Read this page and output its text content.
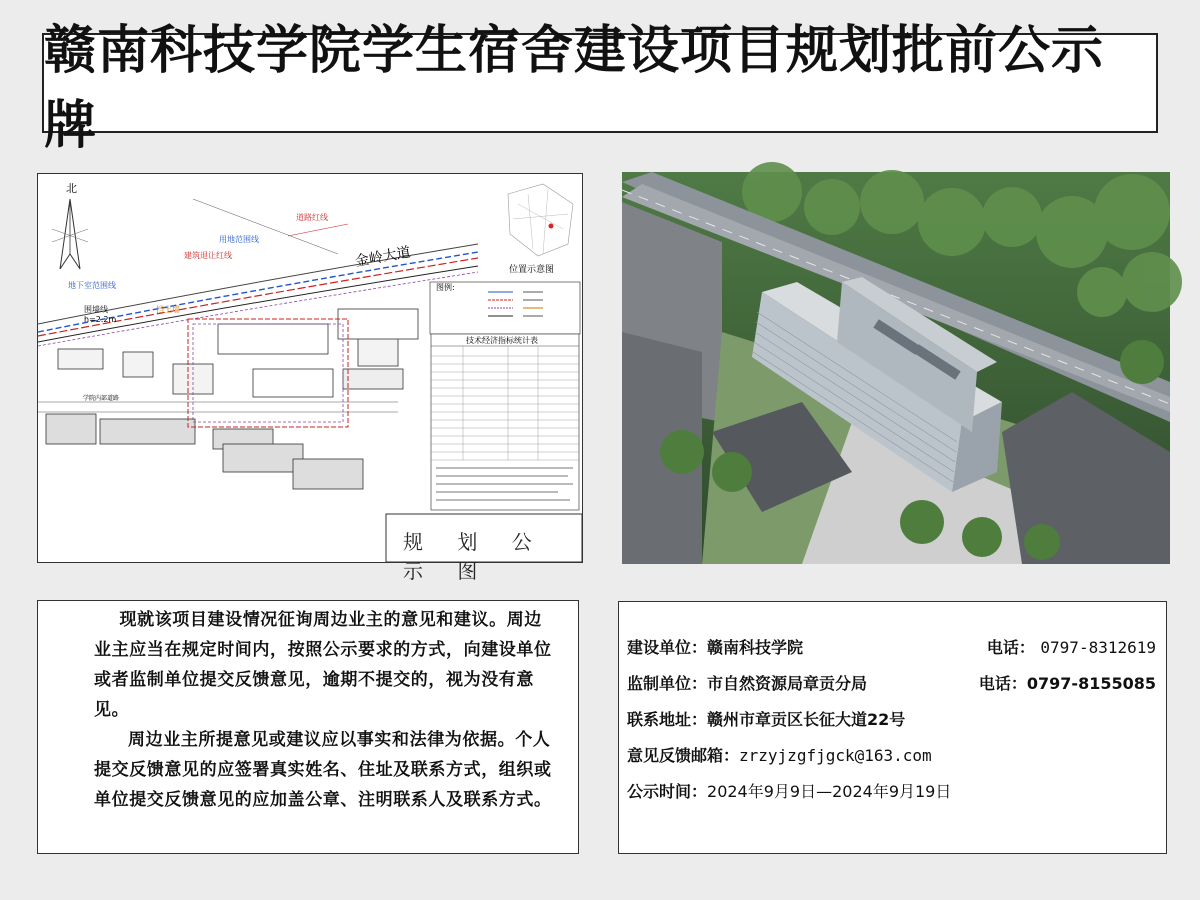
赣南科技学院学生宿舍建设项目规划批前公示牌
北
金岭大道
道路红线
用地范围线
建筑退让红线
地下室范围线
围墙线
h=2.2m
挡土墙
学院内部道路
位置示意图
图例:
技术经济指标统计表
规 划 公 示 图

现就该项目建设情况征询周边业主的意见和建议。周边业主应当在规定时间内，按照公示要求的方式，向建设单位或者监制单位提交反馈意见，逾期不提交的，视为没有意见。

周边业主所提意见或建议应以事实和法律为依据。个人提交反馈意见的应签署真实姓名、住址及联系方式，组织或单位提交反馈意见的应加盖公章、注明联系人及联系方式。

建设单位：赣南科技学院	电话： 0797-8312619
监制单位：市自然资源局章贡分局	电话：0797-8155085
联系地址：赣州市章贡区长征大道22号
意见反馈邮箱：zrzyjzgfjgck@163.com
公示时间：2024年9月9日—2024年9月19日
